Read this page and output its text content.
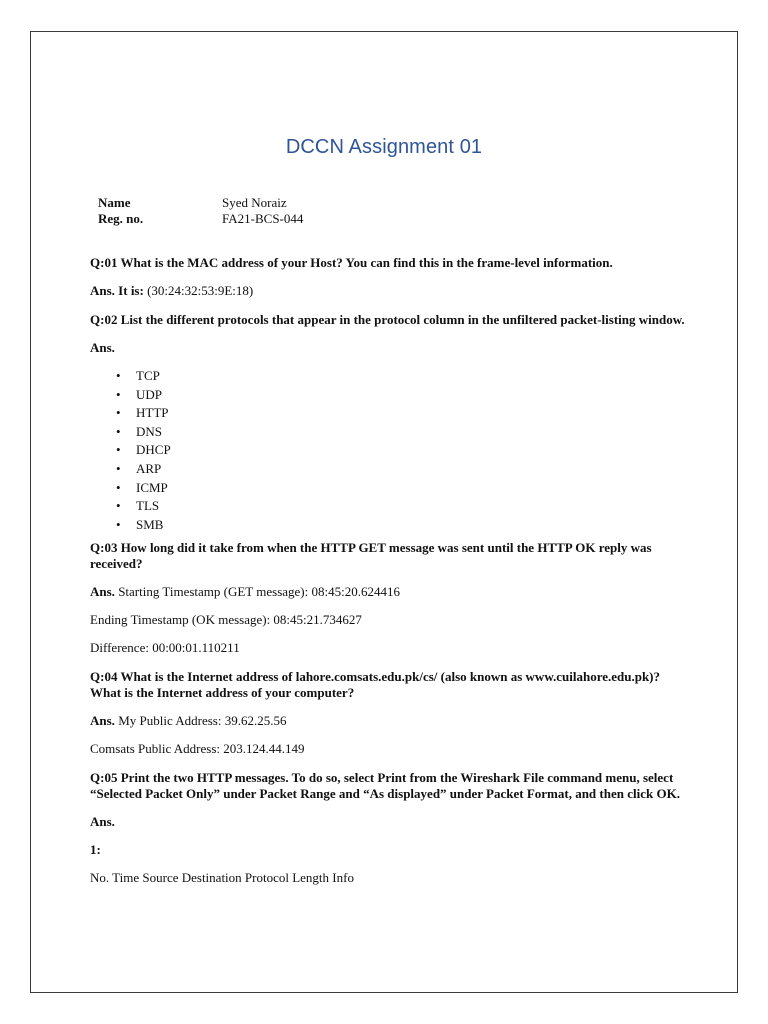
DCCN Assignment 01
Name	Syed Noraiz
Reg. no.	FA21-BCS-044

Q:01 What is the MAC address of your Host? You can find this in the frame-level information.

Ans. It is: (30:24:32:53:9E:18)

Q:02 List the different protocols that appear in the protocol column in the unfiltered packet-listing window.

Ans.

• TCP
• UDP
• HTTP
• DNS
• DHCP
• ARP
• ICMP
• TLS
• SMB

Q:03 How long did it take from when the HTTP GET message was sent until the HTTP OK reply was received?

Ans. Starting Timestamp (GET message): 08:45:20.624416

Ending Timestamp (OK message): 08:45:21.734627

Difference: 00:00:01.110211

Q:04 What is the Internet address of lahore.comsats.edu.pk/cs/ (also known as www.cuilahore.edu.pk)? What is the Internet address of your computer?

Ans. My Public Address: 39.62.25.56

Comsats Public Address: 203.124.44.149

Q:05 Print the two HTTP messages. To do so, select Print from the Wireshark File command menu, select “Selected Packet Only” under Packet Range and “As displayed” under Packet Format, and then click OK.

Ans.

1:

No. Time Source Destination Protocol Length Info
